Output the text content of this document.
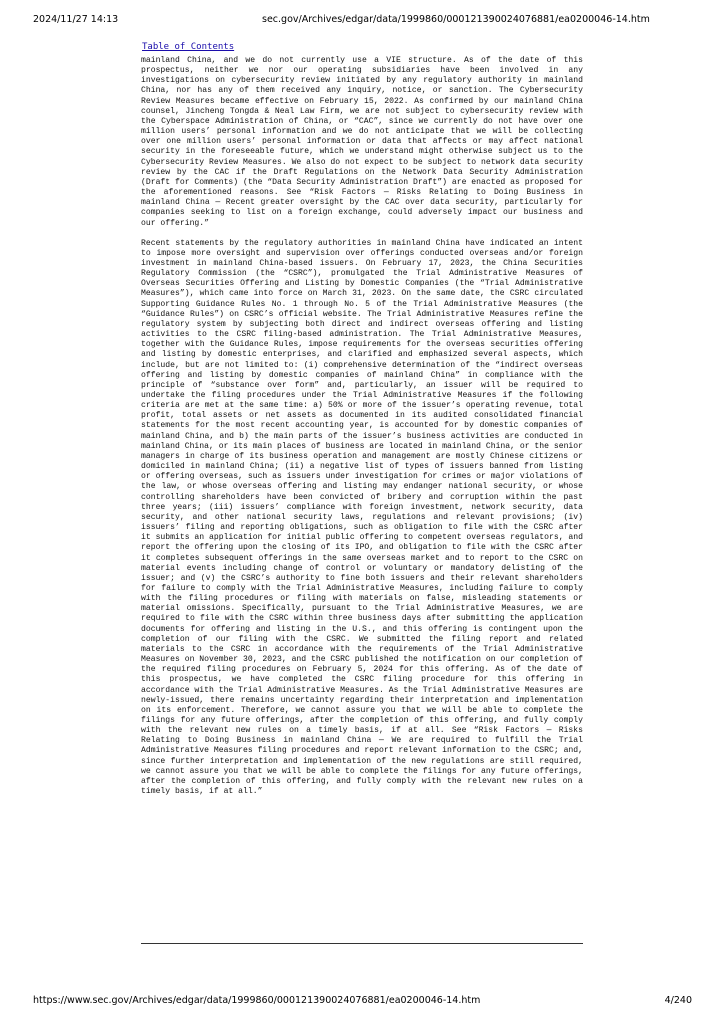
2024/11/27 14:13	sec.gov/Archives/edgar/data/1999860/000121390024076881/ea0200046-14.htm
Table of Contents

mainland China, and we do not currently use a VIE structure. As of the date of this prospectus, neither we nor our operating subsidiaries have been involved in any investigations on cybersecurity review initiated by any regulatory authority in mainland China, nor has any of them received any inquiry, notice, or sanction. The Cybersecurity Review Measures became effective on February 15, 2022. As confirmed by our mainland China counsel, Jincheng Tongda & Neal Law Firm, we are not subject to cybersecurity review with the Cyberspace Administration of China, or “CAC”, since we currently do not have over one million users’ personal information and we do not anticipate that we will be collecting over one million users’ personal information or data that affects or may affect national security in the foreseeable future, which we understand might otherwise subject us to the Cybersecurity Review Measures. We also do not expect to be subject to network data security review by the CAC if the Draft Regulations on the Network Data Security Administration (Draft for Comments) (the “Data Security Administration Draft”) are enacted as proposed for the aforementioned reasons. See “Risk Factors — Risks Relating to Doing Business in mainland China — Recent greater oversight by the CAC over data security, particularly for companies seeking to list on a foreign exchange, could adversely impact our business and our offering.”

Recent statements by the regulatory authorities in mainland China have indicated an intent to impose more oversight and supervision over offerings conducted overseas and/or foreign investment in mainland China-based issuers. On February 17, 2023, the China Securities Regulatory Commission (the “CSRC”), promulgated the Trial Administrative Measures of Overseas Securities Offering and Listing by Domestic Companies (the “Trial Administrative Measures”), which came into force on March 31, 2023. On the same date, the CSRC circulated Supporting Guidance Rules No. 1 through No. 5 of the Trial Administrative Measures (the “Guidance Rules”) on CSRC’s official website. The Trial Administrative Measures refine the regulatory system by subjecting both direct and indirect overseas offering and listing activities to the CSRC filing-based administration. The Trial Administrative Measures, together with the Guidance Rules, impose requirements for the overseas securities offering and listing by domestic enterprises, and clarified and emphasized several aspects, which include, but are not limited to: (i) comprehensive determination of the “indirect overseas offering and listing by domestic companies of mainland China” in compliance with the principle of “substance over form” and, particularly, an issuer will be required to undertake the filing procedures under the Trial Administrative Measures if the following criteria are met at the same time: a) 50% or more of the issuer’s operating revenue, total profit, total assets or net assets as documented in its audited consolidated financial statements for the most recent accounting year, is accounted for by domestic companies of mainland China, and b) the main parts of the issuer’s business activities are conducted in mainland China, or its main places of business are located in mainland China, or the senior managers in charge of its business operation and management are mostly Chinese citizens or domiciled in mainland China; (ii) a negative list of types of issuers banned from listing or offering overseas, such as issuers under investigation for crimes or major violations of the law, or whose overseas offering and listing may endanger national security, or whose controlling shareholders have been convicted of bribery and corruption within the past three years; (iii) issuers’ compliance with foreign investment, network security, data security, and other national security laws, regulations and relevant provisions; (iv) issuers’ filing and reporting obligations, such as obligation to file with the CSRC after it submits an application for initial public offering to competent overseas regulators, and report the offering upon the closing of its IPO, and obligation to file with the CSRC after it completes subsequent offerings in the same overseas market and to report to the CSRC on material events including change of control or voluntary or mandatory delisting of the issuer; and (v) the CSRC’s authority to fine both issuers and their relevant shareholders for failure to comply with the Trial Administrative Measures, including failure to comply with the filing procedures or filing with materials on false, misleading statements or material omissions. Specifically, pursuant to the Trial Administrative Measures, we are required to file with the CSRC within three business days after submitting the application documents for offering and listing in the U.S., and this offering is contingent upon the completion of our filing with the CSRC. We submitted the filing report and related materials to the CSRC in accordance with the requirements of the Trial Administrative Measures on November 30, 2023, and the CSRC published the notification on our completion of the required filing procedures on February 5, 2024 for this offering. As of the date of this prospectus, we have completed the CSRC filing procedure for this offering in accordance with the Trial Administrative Measures. As the Trial Administrative Measures are newly-issued, there remains uncertainty regarding their interpretation and implementation on its enforcement. Therefore, we cannot assure you that we will be able to complete the filings for any future offerings, after the completion of this offering, and fully comply with the relevant new rules on a timely basis, if at all. See “Risk Factors — Risks Relating to Doing Business in mainland China — We are required to fulfill the Trial Administrative Measures filing procedures and report relevant information to the CSRC; and, since further interpretation and implementation of the new regulations are still required, we cannot assure you that we will be able to complete the filings for any future offerings, after the completion of this offering, and fully comply with the relevant new rules on a timely basis, if at all.”

https://www.sec.gov/Archives/edgar/data/1999860/000121390024076881/ea0200046-14.htm	4/240
